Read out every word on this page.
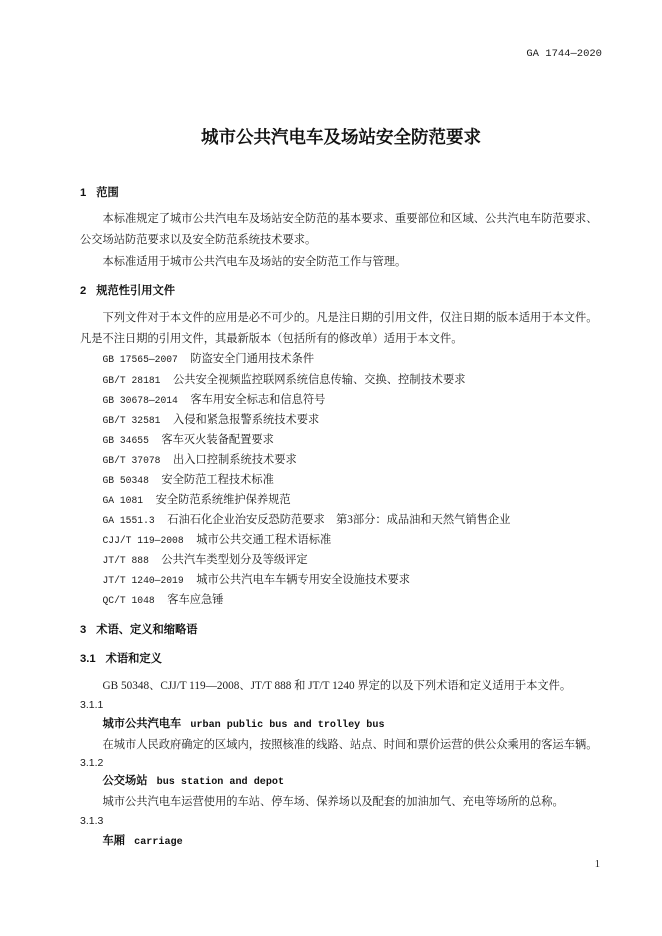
GA 1744—2020
城市公共汽电车及场站安全防范要求
1 范围
本标准规定了城市公共汽电车及场站安全防范的基本要求、重要部位和区域、公共汽电车防范要求、
公交场站防范要求以及安全防范系统技术要求。
本标准适用于城市公共汽电车及场站的安全防范工作与管理。
2 规范性引用文件
下列文件对于本文件的应用是必不可少的。凡是注日期的引用文件，仅注日期的版本适用于本文件。
凡是不注日期的引用文件，其最新版本（包括所有的修改单）适用于本文件。
GB 17565—2007 防盗安全门通用技术条件
GB/T 28181 公共安全视频监控联网系统信息传输、交换、控制技术要求
GB 30678—2014 客车用安全标志和信息符号
GB/T 32581 入侵和紧急报警系统技术要求
GB 34655 客车灭火装备配置要求
GB/T 37078 出入口控制系统技术要求
GB 50348 安全防范工程技术标准
GA 1081 安全防范系统维护保养规范
GA 1551.3 石油石化企业治安反恐防范要求　第3部分：成品油和天然气销售企业
CJJ/T 119—2008 城市公共交通工程术语标准
JT/T 888 公共汽车类型划分及等级评定
JT/T 1240—2019 城市公共汽电车车辆专用安全设施技术要求
QC/T 1048 客车应急锤
3 术语、定义和缩略语
3.1 术语和定义
GB 50348、CJJ/T 119—2008、JT/T 888 和 JT/T 1240 界定的以及下列术语和定义适用于本文件。
3.1.1
城市公共汽电车 urban public bus and trolley bus
在城市人民政府确定的区域内，按照核准的线路、站点、时间和票价运营的供公众乘用的客运车辆。
3.1.2
公交场站 bus station and depot
城市公共汽电车运营使用的车站、停车场、保养场以及配套的加油加气、充电等场所的总称。
3.1.3
车厢 carriage
1
